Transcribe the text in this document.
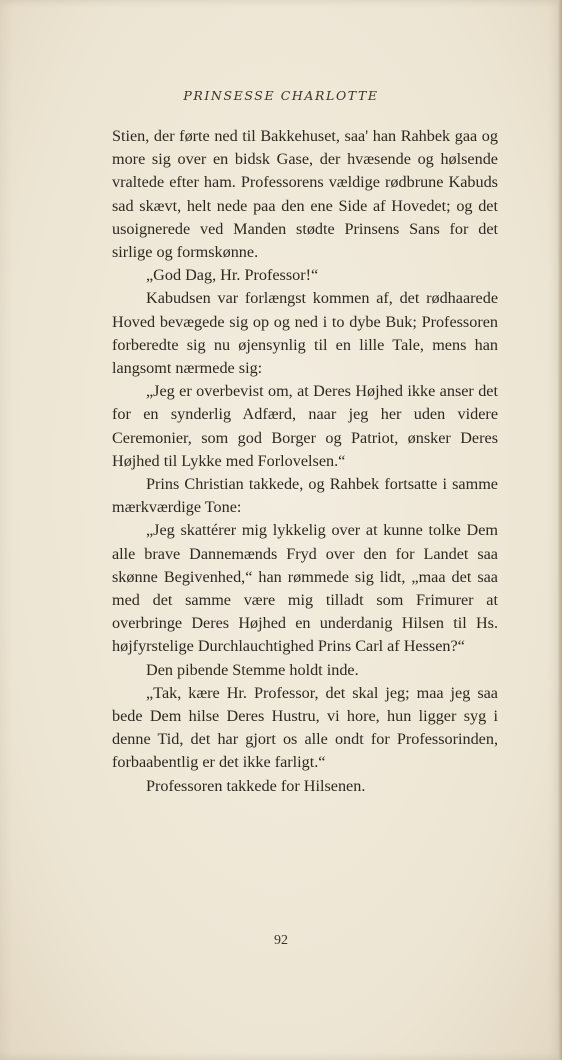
PRINSESSE CHARLOTTE

Stien, der førte ned til Bakkehuset, saa' han Rahbek gaa og more sig over en bidsk Gase, der hvæsende og hølsende vraltede efter ham. Professorens vældige rødbrune Kabuds sad skævt, helt nede paa den ene Side af Hovedet; og det usoignerede ved Manden stødte Prinsens Sans for det sirlige og formskønne.

„God Dag, Hr. Professor!“

Kabudsen var forlængst kommen af, det rødhaarede Hoved bevægede sig op og ned i to dybe Buk; Professoren forberedte sig nu øjensynlig til en lille Tale, mens han langsomt nærmede sig:

„Jeg er overbevist om, at Deres Højhed ikke anser det for en synderlig Adfærd, naar jeg her uden videre Ceremonier, som god Borger og Patriot, ønsker Deres Højhed til Lykke med Forlovelsen.“

Prins Christian takkede, og Rahbek fortsatte i samme mærkværdige Tone:

„Jeg skattérer mig lykkelig over at kunne tolke Dem alle brave Dannemænds Fryd over den for Landet saa skønne Begivenhed,“ han rømmede sig lidt, „maa det saa med det samme være mig tilladt som Frimurer at overbringe Deres Højhed en underdanig Hilsen til Hs. højfyrstelige Durchlauchtighed Prins Carl af Hessen?“

Den pibende Stemme holdt inde.

„Tak, kære Hr. Professor, det skal jeg; maa jeg saa bede Dem hilse Deres Hustru, vi hore, hun ligger syg i denne Tid, det har gjort os alle ondt for Professorinden, forbaabentlig er det ikke farligt.“

Professoren takkede for Hilsenen.

92
